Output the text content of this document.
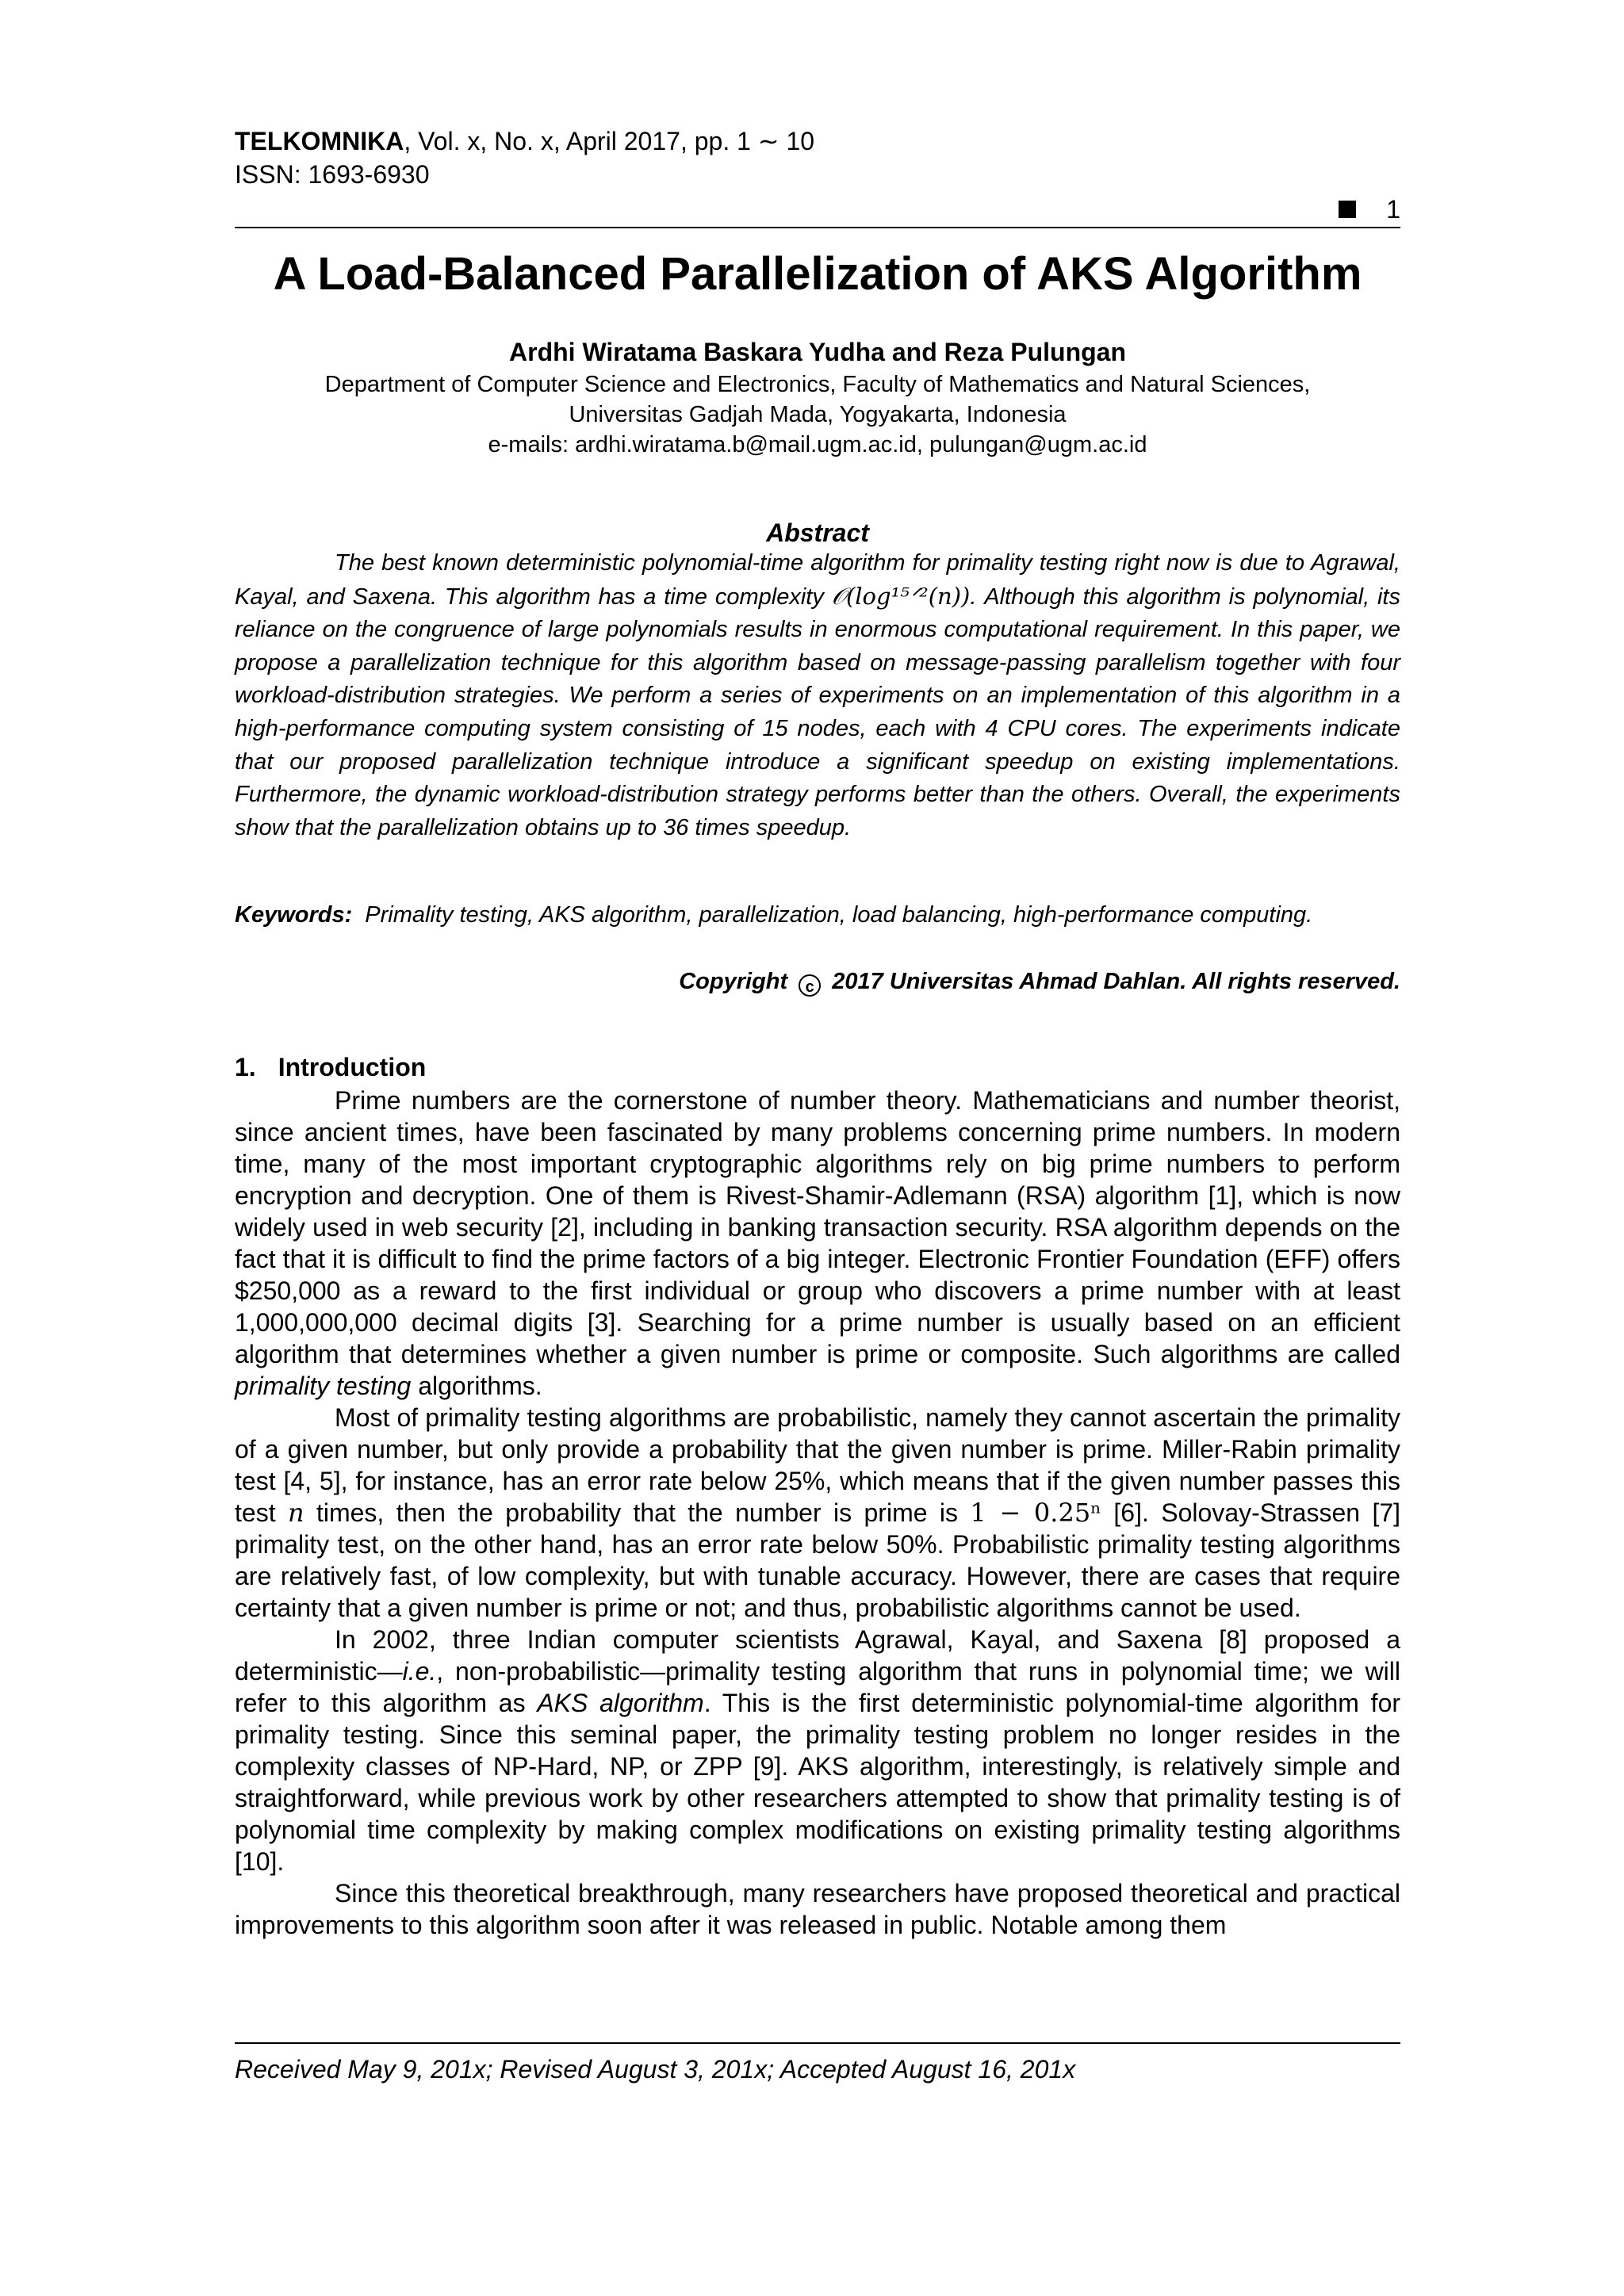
TELKOMNIKA, Vol. x, No. x, April 2017, pp. 1 ∼ 10
ISSN: 1693-6930
1
A Load-Balanced Parallelization of AKS Algorithm
Ardhi Wiratama Baskara Yudha and Reza Pulungan
Department of Computer Science and Electronics, Faculty of Mathematics and Natural Sciences,
Universitas Gadjah Mada, Yogyakarta, Indonesia
e-mails: ardhi.wiratama.b@mail.ugm.ac.id, pulungan@ugm.ac.id
Abstract

The best known deterministic polynomial-time algorithm for primality testing right now is due to Agrawal, Kayal, and Saxena. This algorithm has a time complexity 𝒪(log¹⁵ᐟ²(n)). Although this algorithm is polynomial, its reliance on the congruence of large polynomials results in enormous computational requirement. In this paper, we propose a parallelization technique for this algorithm based on message-passing parallelism together with four workload-distribution strategies. We perform a series of experiments on an implementation of this algorithm in a high-performance computing system consisting of 15 nodes, each with 4 CPU cores. The experiments indicate that our proposed parallelization technique introduce a significant speedup on existing implementations. Furthermore, the dynamic workload-distribution strategy performs better than the others. Overall, the experiments show that the parallelization obtains up to 36 times speedup.

Keywords: Primality testing, AKS algorithm, parallelization, load balancing, high-performance computing.
Copyright c 2017 Universitas Ahmad Dahlan. All rights reserved.
1. Introduction

Prime numbers are the cornerstone of number theory. Mathematicians and number theorist, since ancient times, have been fascinated by many problems concerning prime numbers. In modern time, many of the most important cryptographic algorithms rely on big prime numbers to perform encryption and decryption. One of them is Rivest-Shamir-Adlemann (RSA) algorithm [1], which is now widely used in web security [2], including in banking transaction security. RSA algorithm depends on the fact that it is difficult to find the prime factors of a big integer. Electronic Frontier Foundation (EFF) offers $250,000 as a reward to the first individual or group who discovers a prime number with at least 1,000,000,000 decimal digits [3]. Searching for a prime number is usually based on an efficient algorithm that determines whether a given number is prime or composite. Such algorithms are called primality testing algorithms.

Most of primality testing algorithms are probabilistic, namely they cannot ascertain the primality of a given number, but only provide a probability that the given number is prime. Miller-Rabin primality test [4, 5], for instance, has an error rate below 25%, which means that if the given number passes this test n times, then the probability that the number is prime is 1 − 0.25ⁿ [6]. Solovay-Strassen [7] primality test, on the other hand, has an error rate below 50%. Probabilistic primality testing algorithms are relatively fast, of low complexity, but with tunable accuracy. However, there are cases that require certainty that a given number is prime or not; and thus, probabilistic algorithms cannot be used.

In 2002, three Indian computer scientists Agrawal, Kayal, and Saxena [8] proposed a deterministic—i.e., non-probabilistic—primality testing algorithm that runs in polynomial time; we will refer to this algorithm as AKS algorithm. This is the first deterministic polynomial-time algorithm for primality testing. Since this seminal paper, the primality testing problem no longer resides in the complexity classes of NP-Hard, NP, or ZPP [9]. AKS algorithm, interestingly, is relatively simple and straightforward, while previous work by other researchers attempted to show that primality testing is of polynomial time complexity by making complex modifications on existing primality testing algorithms [10].

Since this theoretical breakthrough, many researchers have proposed theoretical and practical improvements to this algorithm soon after it was released in public. Notable among them

Received May 9, 201x; Revised August 3, 201x; Accepted August 16, 201x
